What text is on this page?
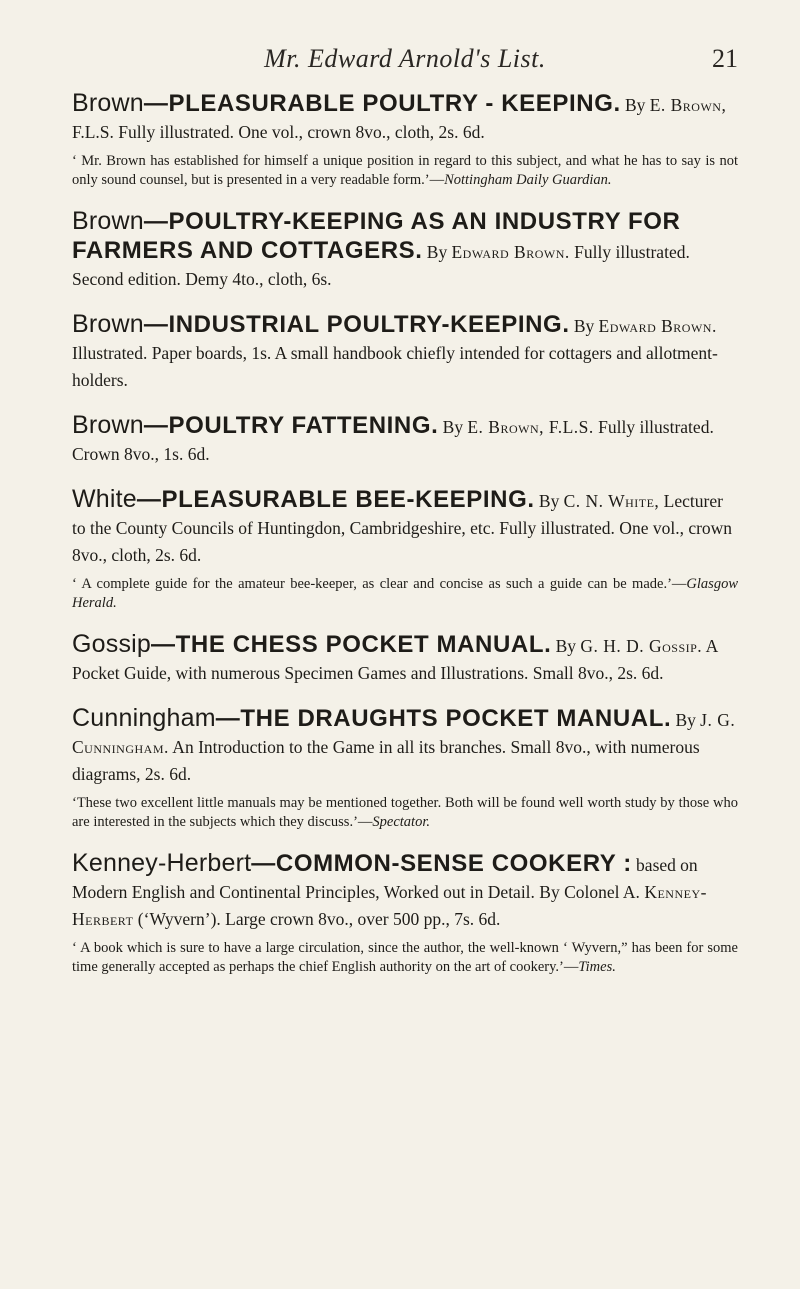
Mr. Edward Arnold's List.	21

Brown—PLEASURABLE POULTRY - KEEPING. By E. Brown, F.L.S. Fully illustrated. One vol., crown 8vo., cloth, 2s. 6d.

‘ Mr. Brown has established for himself a unique position in regard to this subject, and what he has to say is not only sound counsel, but is presented in a very readable form.’—Nottingham Daily Guardian.

Brown—POULTRY-KEEPING AS AN INDUSTRY FOR FARMERS AND COTTAGERS. By Edward Brown. Fully illustrated. Second edition. Demy 4to., cloth, 6s.

Brown—INDUSTRIAL POULTRY-KEEPING. By Edward Brown. Illustrated. Paper boards, 1s. A small handbook chiefly intended for cottagers and allotment-holders.

Brown—POULTRY FATTENING. By E. Brown, F.L.S. Fully illustrated. Crown 8vo., 1s. 6d.

White—PLEASURABLE BEE-KEEPING. By C. N. White, Lecturer to the County Councils of Huntingdon, Cambridgeshire, etc. Fully illustrated. One vol., crown 8vo., cloth, 2s. 6d.

‘ A complete guide for the amateur bee-keeper, as clear and concise as such a guide can be made.’—Glasgow Herald.

Gossip—THE CHESS POCKET MANUAL. By G. H. D. Gossip. A Pocket Guide, with numerous Specimen Games and Illustrations. Small 8vo., 2s. 6d.

Cunningham—THE DRAUGHTS POCKET MANUAL. By J. G. Cunningham. An Introduction to the Game in all its branches. Small 8vo., with numerous diagrams, 2s. 6d.

‘These two excellent little manuals may be mentioned together. Both will be found well worth study by those who are interested in the subjects which they discuss.’—Spectator.

Kenney-Herbert—COMMON-SENSE COOKERY : based on Modern English and Continental Principles, Worked out in Detail. By Colonel A. Kenney-Herbert (‘Wyvern’). Large crown 8vo., over 500 pp., 7s. 6d.

‘ A book which is sure to have a large circulation, since the author, the well-known ‘ Wyvern,” has been for some time generally accepted as perhaps the chief English authority on the art of cookery.’—Times.
